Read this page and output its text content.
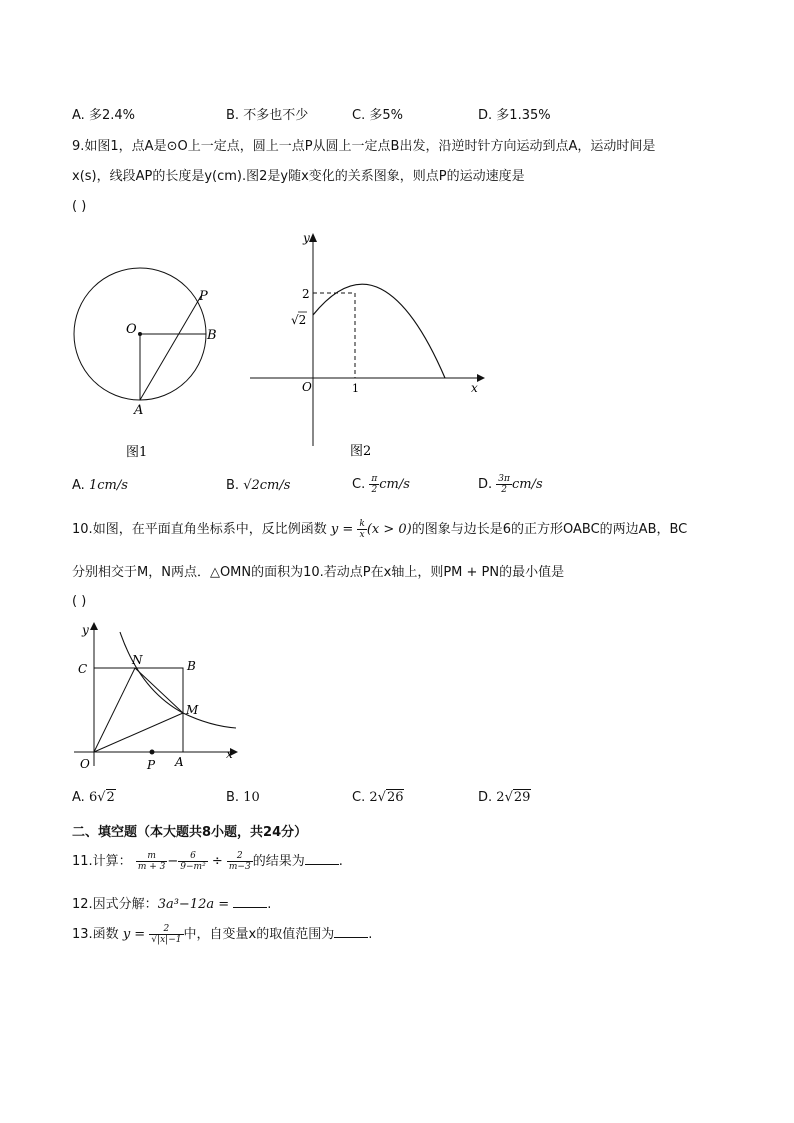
A. 多2.4%	B. 不多也不少	C. 多5%	D. 多1.35%
9.如图1，点A是⊙O上一定点，圆上一点P从圆上一定点B出发，沿逆时针方向运动到点A，运动时间是
x(s)，线段AP的长度是y(cm).图2是y随x变化的关系图象，则点P的运动速度是
( )
O	B
P
A
图1
y
x
O
2
√2
1
图2
A. 1cm/s	B. √2cm/s	C. $\frac{\pi}{2} cm/s$	D. $\frac{3\pi}{2} cm/s$
10.如图，在平面直角坐标系中，反比例函数 $y = \frac{k}{x} (x > 0)$的图象与边长是6的正方形OABC的两边AB，BC
分别相交于M，N两点．△OMN的面积为10.若动点P在x轴上，则PM + PN的最小值是
( )
y
x
C
N	B
M
O	P A
A. 6√2	B. 10	C. 2√26	D. 2√29
二、填空题（本大题共8小题，共24分）
11.计算： $\frac{m}{m + 3} - \frac{6}{\text{9−m²}} \div \frac{2}{m-3}$ 的结果为	.
12.因式分解：3a³−12a =	.
13.函数 $y = \frac{2}{√|x|-1}$ 中，自变量x的取值范围为	.
